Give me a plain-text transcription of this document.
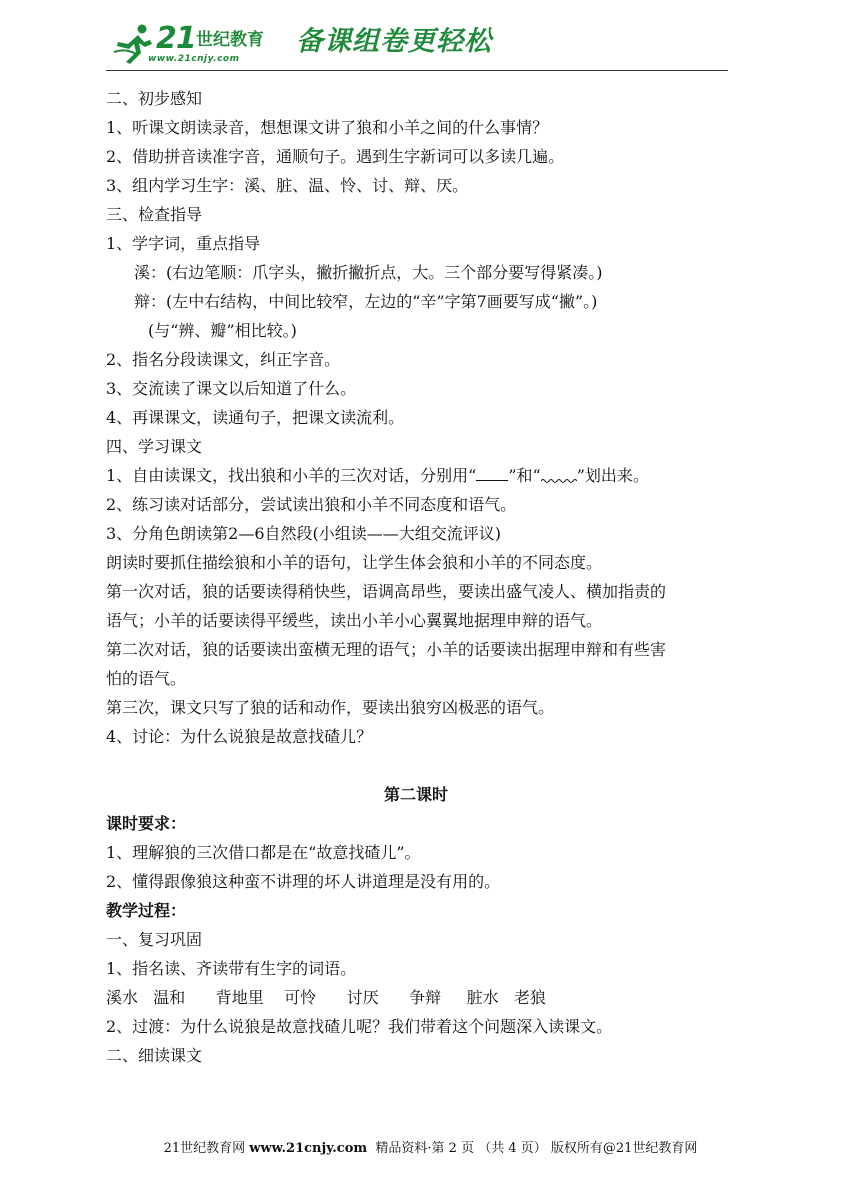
21 世纪教育
www.21cnjy.com
备课组卷更轻松

二、初步感知

1、听课文朗读录音，想想课文讲了狼和小羊之间的什么事情？

2、借助拼音读准字音，通顺句子。遇到生字新词可以多读几遍。

3、组内学习生字：溪、脏、温、怜、讨、辩、厌。

三、检查指导

1、学字词，重点指导

溪：(右边笔顺：爪字头，撇折撇折点，大。三个部分要写得紧凑。)

辩：(左中右结构，中间比较窄，左边的“辛”字第7画要写成“撇”。)

(与“辨、瓣”相比较。)

2、指名分段读课文，纠正字音。

3、交流读了课文以后知道了什么。

4、再课课文，读通句子，把课文读流利。

四、学习课文

1、自由读课文，找出狼和小羊的三次对话，分别用“ ”和“ ”划出来。

2、练习读对话部分，尝试读出狼和小羊不同态度和语气。

3、分角色朗读第2—6自然段(小组读——大组交流评议)

朗读时要抓住描绘狼和小羊的语句，让学生体会狼和小羊的不同态度。

第一次对话，狼的话要读得稍快些，语调高昂些，要读出盛气凌人、横加指责的

语气；小羊的话要读得平缓些，读出小羊小心翼翼地据理申辩的语气。

第二次对话，狼的话要读出蛮横无理的语气；小羊的话要读出据理申辩和有些害

怕的语气。

第三次，课文只写了狼的话和动作，要读出狼穷凶极恶的语气。

4、讨论：为什么说狼是故意找碴儿？

第二课时

课时要求：

1、理解狼的三次借口都是在“故意找碴儿”。

2、懂得跟像狼这种蛮不讲理的坏人讲道理是没有用的。

教学过程：

一、复习巩固

1、指名读、齐读带有生字的词语。

溪水   温和      背地里    可怜      讨厌      争辩     脏水   老狼

2、过渡：为什么说狼是故意找碴儿呢？我们带着这个问题深入读课文。

二、细读课文

21世纪教育网 www.21cnjy.com 精品资料·第 2 页 （共 4 页） 版权所有@21世纪教育网
